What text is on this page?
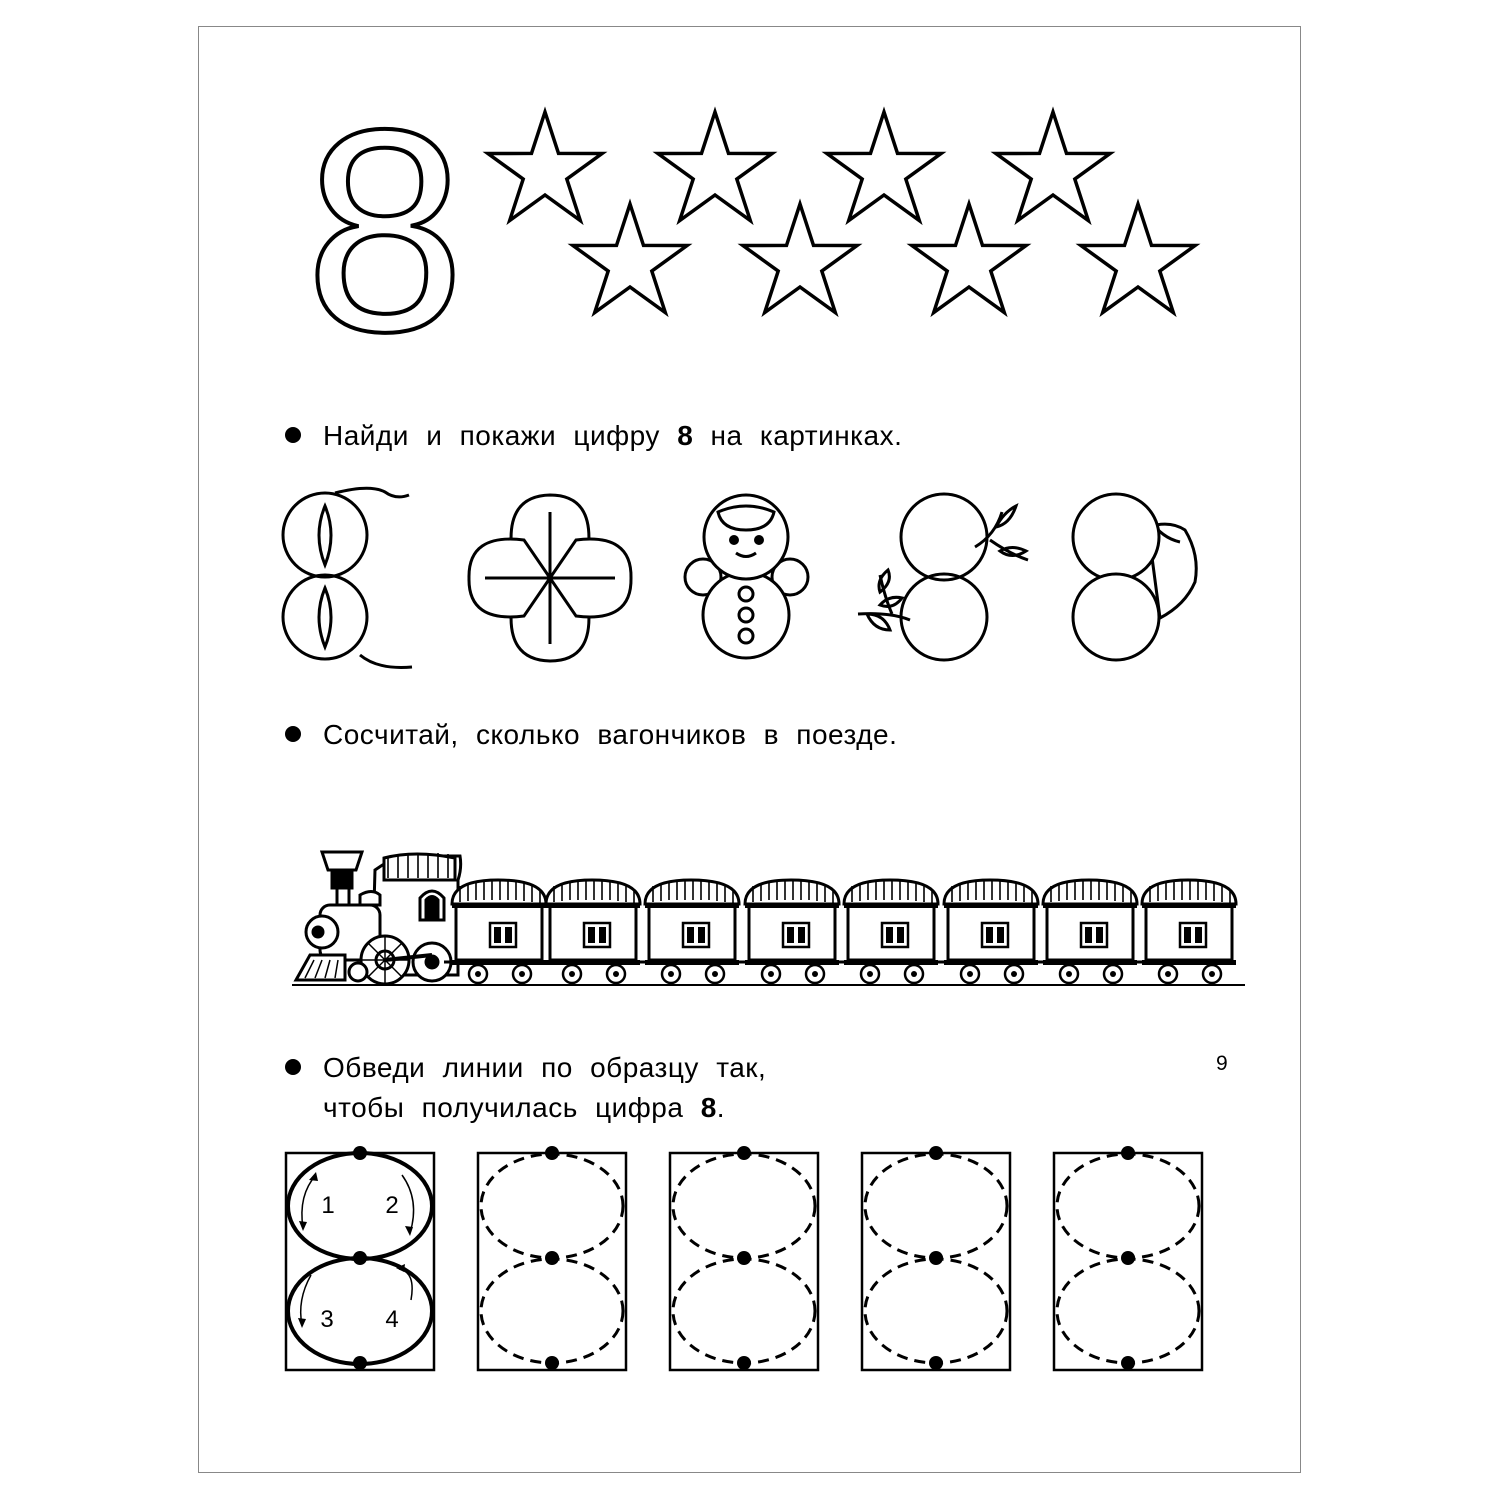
8
1 2
3 4
Найди и покажи цифру 8 на картинках.
Сосчитай, сколько вагончиков в поезде.
Обведи линии по образцу так,
чтобы получилась цифра 8.
9
